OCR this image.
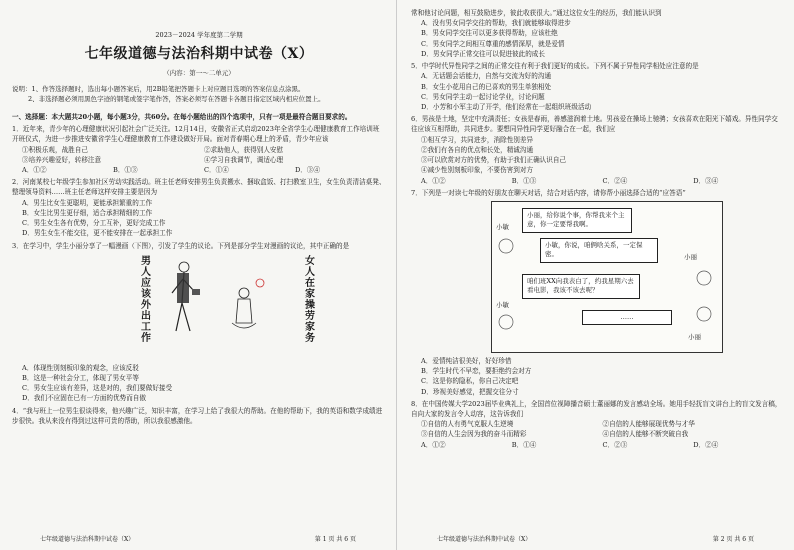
2023－2024 学年度第二学期
七年级道德与法治科期中试卷（X）
（内容：第一～二单元）
说明：1、作答选择题时，选出每小题答案后，用2B铅笔把答题卡上对应题目选项的答案信息点涂黑。
2、非选择题必须用黑色字迹的钢笔或签字笔作答，答案必须写在答题卡各题目指定区域内相应位置上。
一、选择题：本大题共20小题，每小题3分，共60分。在每小题给出的四个选项中，只有一项是最符合题目要求的。
1．近年来，青少年的心理健康状况引起社会广泛关注。12月14日，安徽省正式启动2023年全省学生心理健康教育工作培训班开班仪式，为进一步推进安徽省学生心理健康教育工作建设做好开局。面对青春期心理上的矛盾，青少年应该
①积极乐观，战胜自己	②求助他人，获得别人安慰
③培养兴趣爱好，转移注意	④学习自我调节，调适心理
A．①②	B．①③	C．①④	D．③④
2．河南某校七年级学生参加社区劳动实践活动。班主任老师安排男生负责搬水、捆取盒饭、打扫教室卫生，女生负责清洁桌凳、整理领导资料……班主任老师这样安排主要是因为
A．男生比女生更聪明，更能承担繁重的工作
B．女生比男生更仔细，适合承担精细的工作
C．男生女生各有优势，分工互补，更好完成工作
D．男生女生不能交往，更不能安排在一起承担工作
3．在学习中，学生小丽分享了一幅漫画（下图），引发了学生的议论。下列是部分学生对漫画的议论，其中正确的是
男人应该外出工作	女人在家操劳家务
A．体现性别刻板印象的观念，应该反驳
B．这是一种社会分工，体现了男女平等
C．男女生应该有差异，这是对的，我们要做好接受
D．我们不应固在已有一方面的优势而自傲
4．“我与班上一位男生很谈得来，他兴趣广泛，知识丰富，在学习上给了我很大的帮助。在他的帮助下，我的英语和数学成绩进步很快。我从来没有得到过这样可贵的帮助，所以我很感激他。
七年级道德与法治科期中试卷（X）	第 1 页 共 6 页
常和他讨论问题，相互鼓励进步，彼此收获很大。”通过这位女生的经历，我们能认识到
A．没有男女同学交往的帮助，我们就能够取得进步
B．男女同学交往可以更多获得帮助，应该杜绝
C．男女同学之间相互尊重的感情深厚，就是爱情
D．男女同学正常交往可以促进彼此的成长
5．中学时代异性同学之间的正常交往有利于我们更好的成长。下列不属于异性同学相处应注意的是
A．无话题会话能力，自然与交流为好的沟通
B．女生小花用自己的已喜欢的男生单独相处
C．男女同学主动一起讨论学业，讨论问题
D．小芳和小军主动了开学，他们经常在一起组织班级活动
6．男孩是土地，坚定中充满责任；女孩是春雨，善感滋润着土地。男孩爱在操场上驰骋；女孩喜欢在阳光下嬉戏。异性同学交往应该互相帮助，共同进步。要想同异性同学更好融合在一起，我们应
①相互学习，共同进步，消除性别差异
②我们有各自的优点和长处，精诚沟通
③可以欣赏对方的优势，有助于我们正确认识自己
④减少性别刻板印象，不要伤害到对方
A．①②	B．①③	C．②④	D．③④
7．下列是一对读七年级的好朋友在聊天对话，结合对话内容，请你帮小丽选择合适的“应答语”
小丽，给你说个事，你帮我来个主意，你一定要帮我啊。
小敏
小敏，你说，咱俩啥关系，一定保密。	小丽
咱们班XX向我表白了，约我星期六去看电影，我该不该去呢？
小敏
……
小丽
A．爱情纯洁很美好，好好珍惜
B．学生时代不早恋，要拒绝约会对方
C．这是你的隐私，你自己决定吧
D．珍视美好感觉，把握交往分寸
8．在中国传媒大学2023届毕业典礼上，全国首位视障播音硕士董丽娜的发言感动全场。她用手轻抚盲文讲台上的盲文发言稿，自向大家的发言令人动容，这告诉我们
①自信的人有勇气克服人生逆境	②自信的人能够展现优势与才华
③自信的人生会因为我的奋斗而精彩	④自信的人能够不断突破自我
A．①②	B．①④	C．②③	D．②④
七年级道德与法治科期中试卷（X）	第 2 页 共 6 页
